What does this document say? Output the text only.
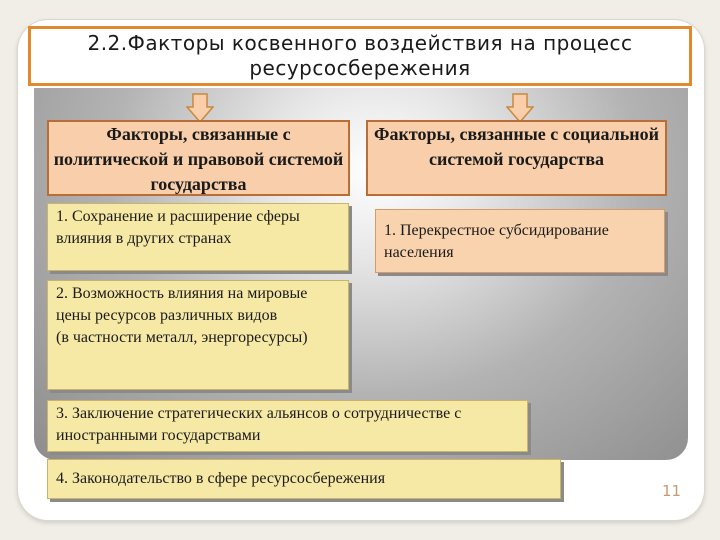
2.2.Факторы косвенного воздействия на процесс ресурсосбережения
Факторы, связанные с политической и правовой системой государства
Факторы, связанные с социальной системой государства
1. Сохранение и расширение сферы влияния в других странах
2. Возможность влияния на мировые цены ресурсов различных видов
(в частности металл, энергоресурсы)
3. Заключение стратегических альянсов о сотрудничестве с иностранными государствами
4. Законодательство в сфере ресурсосбережения
1. Перекрестное субсидирование населения
11
